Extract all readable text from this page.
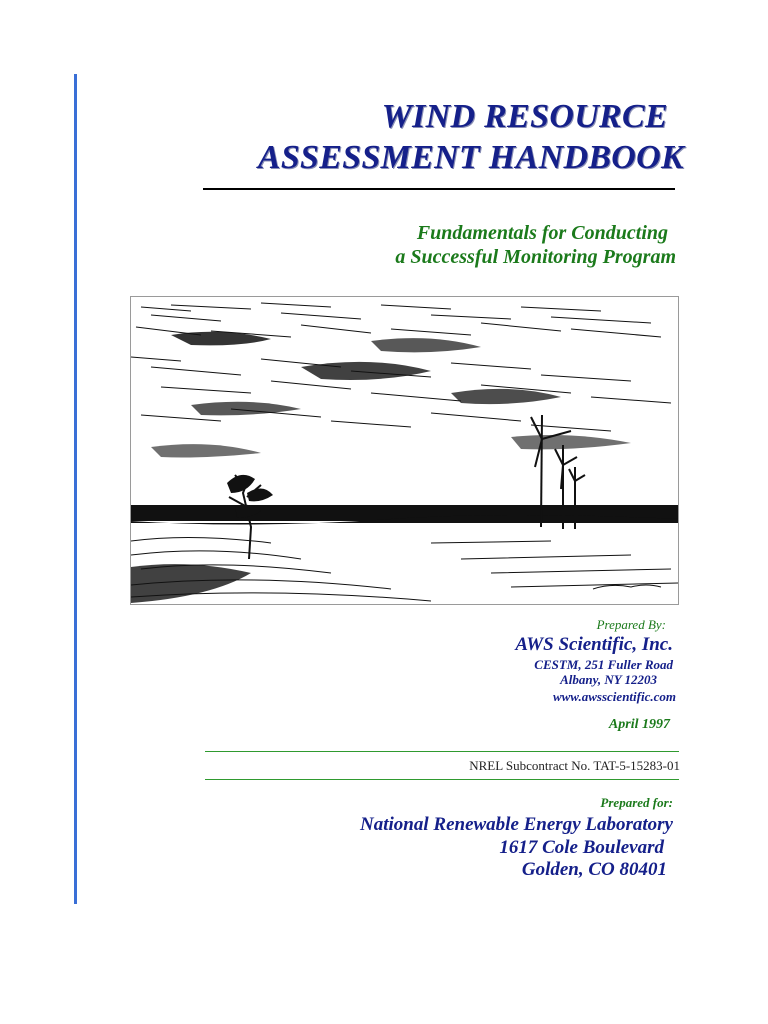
WIND RESOURCE
ASSESSMENT HANDBOOK
Fundamentals for Conducting
a Successful Monitoring Program
Prepared By:
AWS Scientific, Inc.
CESTM, 251 Fuller Road
Albany, NY 12203
www.awsscientific.com
April 1997
NREL Subcontract No. TAT-5-15283-01
Prepared for:
National Renewable Energy Laboratory
1617 Cole Boulevard
Golden, CO 80401
